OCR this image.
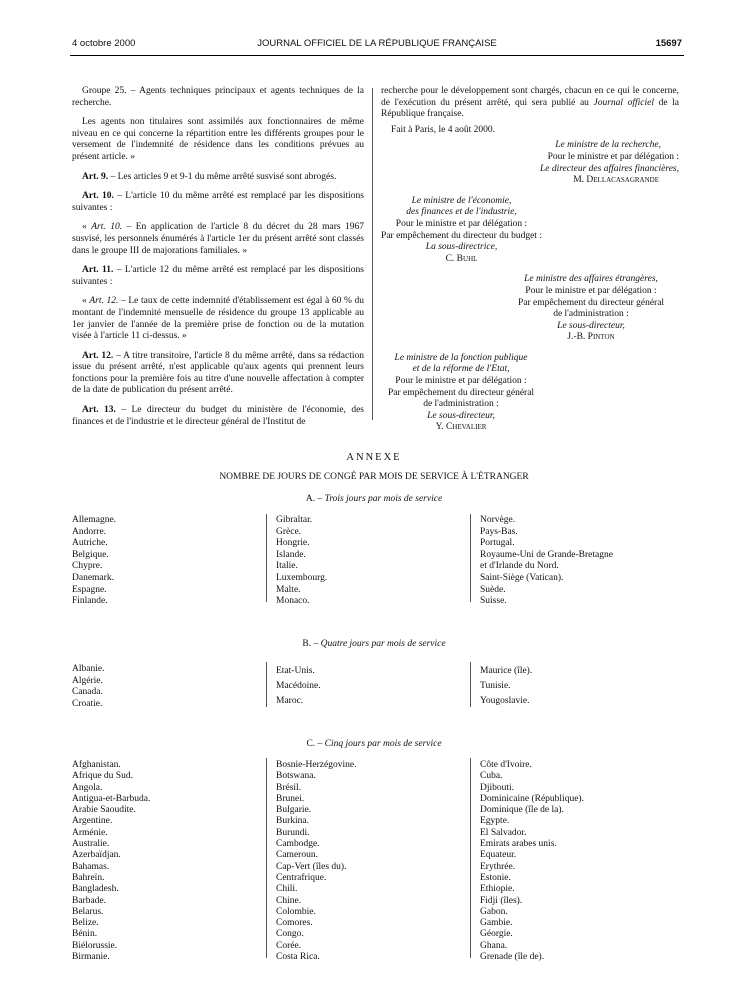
4 octobre 2000	JOURNAL OFFICIEL DE LA RÉPUBLIQUE FRANÇAISE	15697

Groupe 25. – Agents techniques principaux et agents techniques de la recherche.

Les agents non titulaires sont assimilés aux fonctionnaires de même niveau en ce qui concerne la répartition entre les différents groupes pour le versement de l'indemnité de résidence dans les conditions prévues au présent article. »

Art. 9. – Les articles 9 et 9-1 du même arrêté susvisé sont abrogés.

Art. 10. – L'article 10 du même arrêté est remplacé par les dispositions suivantes :

« Art. 10. – En application de l'article 8 du décret du 28 mars 1967 susvisé, les personnels énumérés à l'article 1er du présent arrêté sont classés dans le groupe III de majorations familiales. »

Art. 11. – L'article 12 du même arrêté est remplacé par les dispositions suivantes :

« Art. 12. – Le taux de cette indemnité d'établissement est égal à 60 % du montant de l'indemnité mensuelle de résidence du groupe 13 applicable au 1er janvier de l'année de la première prise de fonction ou de la mutation visée à l'article 11 ci-dessus. »

Art. 12. – A titre transitoire, l'article 8 du même arrêté, dans sa rédaction issue du présent arrêté, n'est applicable qu'aux agents qui prennent leurs fonctions pour la première fois au titre d'une nouvelle affectation à compter de la date de publication du présent arrêté.

Art. 13. – Le directeur du budget du ministère de l'économie, des finances et de l'industrie et le directeur général de l'Institut de

recherche pour le développement sont chargés, chacun en ce qui le concerne, de l'exécution du présent arrêté, qui sera publié au Journal officiel de la République française.

Fait à Paris, le 4 août 2000.

Le ministre de la recherche,
Pour le ministre et par délégation :
Le directeur des affaires financières,
M. Dellacasagrande
Le ministre de l'économie,
des finances et de l'industrie,
Pour le ministre et par délégation :
Par empêchement du directeur du budget :
La sous-directrice,
C. Buhl
Le ministre des affaires étrangères,
Pour le ministre et par délégation :
Par empêchement du directeur général
de l'administration :
Le sous-directeur,
J.-B. Pinton
Le ministre de la fonction publique
et de la réforme de l'Etat,
Pour le ministre et par délégation :
Par empêchement du directeur général
de l'administration :
Le sous-directeur,
Y. Chevalier
ANNEXE
NOMBRE DE JOURS DE CONGÉ PAR MOIS DE SERVICE À L'ÉTRANGER
A. – Trois jours par mois de service
Allemagne.
Andorre.
Autriche.
Belgique.
Chypre.
Danemark.
Espagne.
Finlande.
Gibraltar.
Grèce.
Hongrie.
Islande.
Italie.
Luxembourg.
Malte.
Monaco.
Norvège.
Pays-Bas.
Portugal.
Royaume-Uni de Grande-Bretagne
et d'Irlande du Nord.
Saint-Siège (Vatican).
Suède.
Suisse.
B. – Quatre jours par mois de service
Albanie.
Algérie.
Canada.
Croatie.
Etat-Unis.
Macédoine.
Maroc.
Maurice (île).
Tunisie.
Yougoslavie.
C. – Cinq jours par mois de service
Afghanistan.
Afrique du Sud.
Angola.
Antigua-et-Barbuda.
Arabie Saoudite.
Argentine.
Arménie.
Australie.
Azerbaïdjan.
Bahamas.
Bahreïn.
Bangladesh.
Barbade.
Belarus.
Belize.
Bénin.
Biélorussie.
Birmanie.
Bosnie-Herzégovine.
Botswana.
Brésil.
Brunei.
Bulgarie.
Burkina.
Burundi.
Cambodge.
Cameroun.
Cap-Vert (îles du).
Centrafrique.
Chili.
Chine.
Colombie.
Comores.
Congo.
Corée.
Costa Rica.
Côte d'Ivoire.
Cuba.
Djibouti.
Dominicaine (République).
Dominique (île de la).
Egypte.
El Salvador.
Emirats arabes unis.
Equateur.
Erythrée.
Estonie.
Ethiopie.
Fidji (îles).
Gabon.
Gambie.
Géorgie.
Ghana.
Grenade (île de).
